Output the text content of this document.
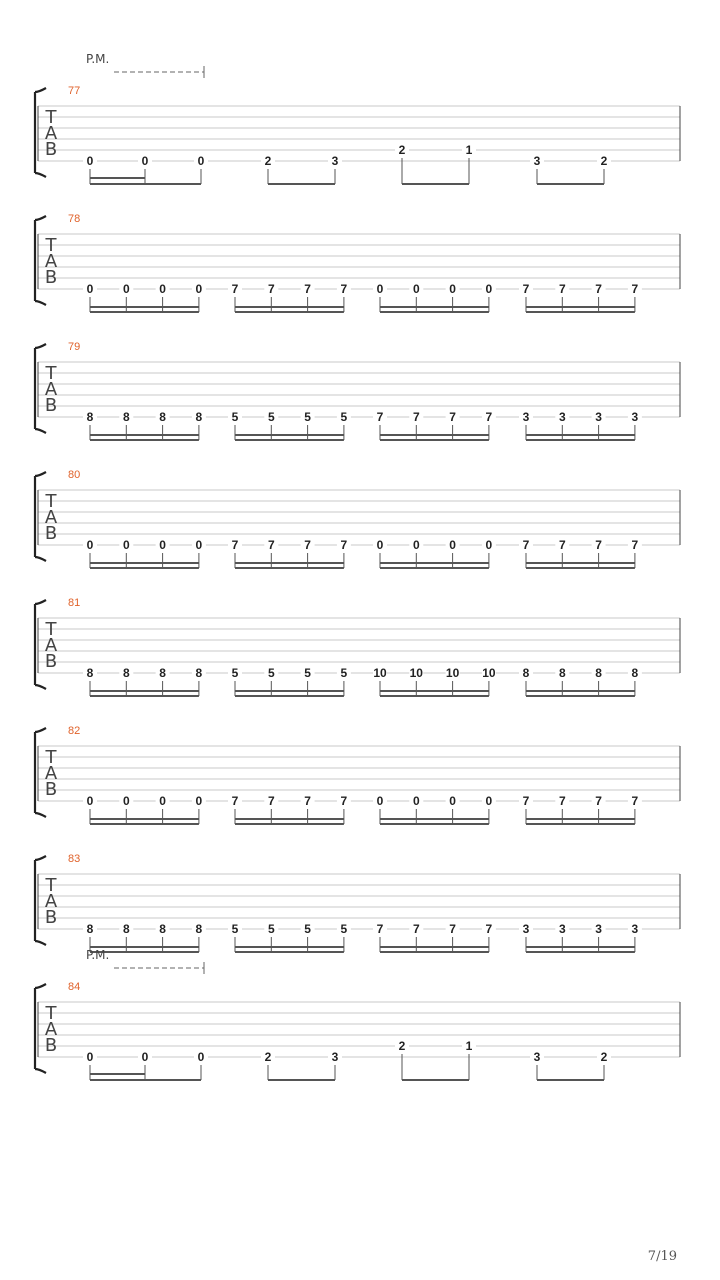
P.M.
77
T
A
B
0	0	0	2	3
2	1
3	2
78
T
A
B
0 0 0 0 7 7 7 7 0 0 0 0	7 7 7 7
79
T
A
B
8 8 8 8 5 5 5 5 7 7 7 7	3 3 3 3
80
T
A
B
0 0 0 0 7 7 7 7 0 0 0 0	7 7 7 7
81
T
A
B
8 8 8 8 5 5 5 5 10 10 10 10 8 8 8 8
82
T
A
B
0 0 0 0 7 7 7 7 0 0 0 0	7 7 7 7
83
T
A
B
8 8 8 8 5 5 5 5 7 7 7 7	3 3 3 3
P.M.
84
T
A
B
0	0	0	2	3
2	1
3	2
7/19
